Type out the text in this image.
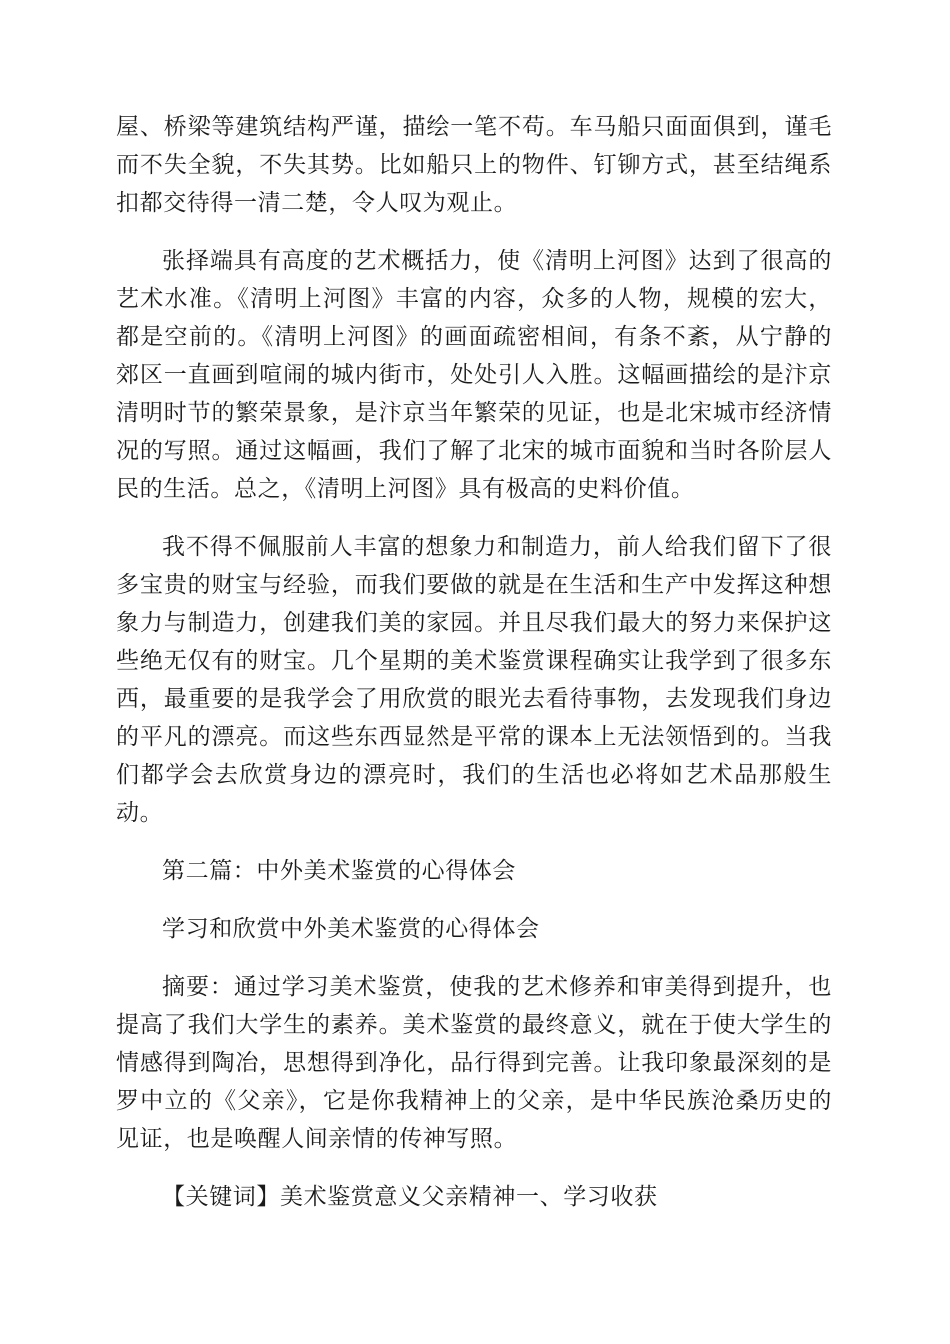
屋、桥梁等建筑结构严谨，描绘一笔不苟。车马船只面面俱到，谨毛而不失全貌，不失其势。比如船只上的物件、钉铆方式，甚至结绳系扣都交待得一清二楚，令人叹为观止。

张择端具有高度的艺术概括力，使《清明上河图》达到了很高的艺术水准。《清明上河图》丰富的内容，众多的人物，规模的宏大，都是空前的。《清明上河图》的画面疏密相间，有条不紊，从宁静的郊区一直画到喧闹的城内街市，处处引人入胜。这幅画描绘的是汴京清明时节的繁荣景象，是汴京当年繁荣的见证，也是北宋城市经济情况的写照。通过这幅画，我们了解了北宋的城市面貌和当时各阶层人民的生活。总之，《清明上河图》具有极高的史料价值。

我不得不佩服前人丰富的想象力和制造力，前人给我们留下了很多宝贵的财宝与经验，而我们要做的就是在生活和生产中发挥这种想象力与制造力，创建我们美的家园。并且尽我们最大的努力来保护这些绝无仅有的财宝。几个星期的美术鉴赏课程确实让我学到了很多东西，最重要的是我学会了用欣赏的眼光去看待事物，去发现我们身边的平凡的漂亮。而这些东西显然是平常的课本上无法领悟到的。当我们都学会去欣赏身边的漂亮时，我们的生活也必将如艺术品那般生动。

第二篇：中外美术鉴赏的心得体会

学习和欣赏中外美术鉴赏的心得体会

摘要：通过学习美术鉴赏，使我的艺术修养和审美得到提升，也提高了我们大学生的素养。美术鉴赏的最终意义，就在于使大学生的情感得到陶冶，思想得到净化，品行得到完善。让我印象最深刻的是罗中立的《父亲》，它是你我精神上的父亲，是中华民族沧桑历史的见证，也是唤醒人间亲情的传神写照。

【关键词】美术鉴赏意义父亲精神一、学习收获
